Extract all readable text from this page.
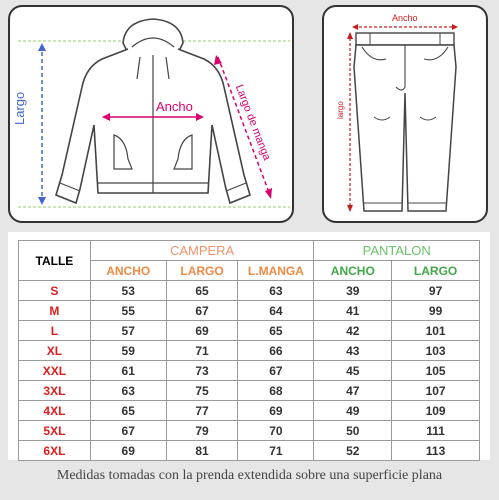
Largo	Ancho	Largo de manga
Ancho
largo
TALLE	CAMPERA			PANTALON	
	ANCHO	LARGO	L.MANGA	ANCHO	LARGO
S	53	65	63	39	97
M	55	67	64	41	99
L	57	69	65	42	101
XL	59	71	66	43	103
XXL	61	73	67	45	105
3XL	63	75	68	47	107
4XL	65	77	69	49	109
5XL	67	79	70	50	111
6XL	69	81	71	52	113
Medidas tomadas con la prenda extendida sobre una superficie plana
